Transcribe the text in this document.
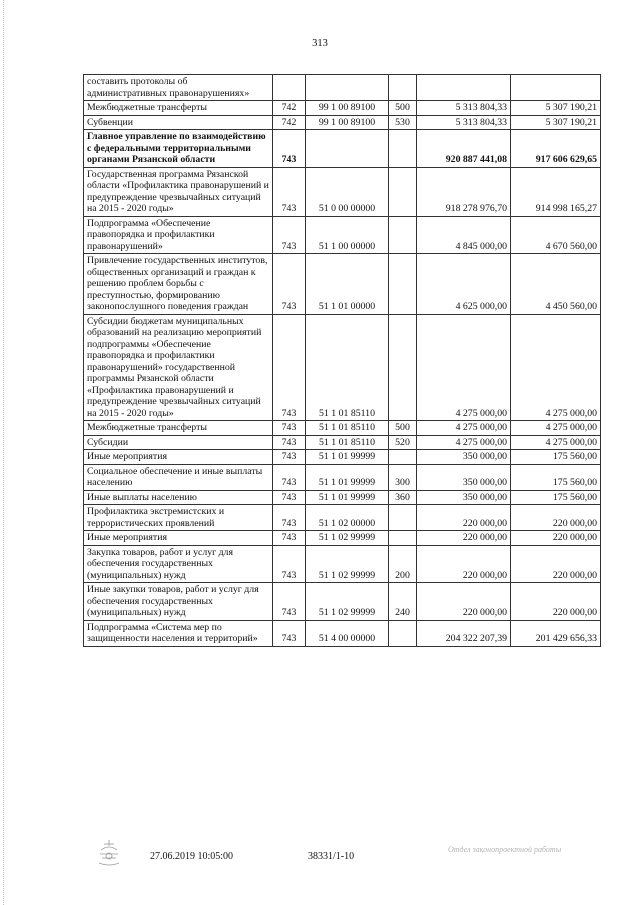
313
составить протоколы об административных правонарушениях»					
Межбюджетные трансферты	742	99 1 00 89100	500	5 313 804,33	5 307 190,21
Субвенции	742	99 1 00 89100	530	5 313 804,33	5 307 190,21
Главное управление по взаимодействию с федеральными территориальными органами Рязанской области	743			920 887 441,08	917 606 629,65
Государственная программа Рязанской области «Профилактика правонарушений и предупреждение чрезвычайных ситуаций на 2015 - 2020 годы»	743	51 0 00 00000		918 278 976,70	914 998 165,27
Подпрограмма «Обеспечение правопорядка и профилактики правонарушений»	743	51 1 00 00000		4 845 000,00	4 670 560,00
Привлечение государственных институтов, общественных организаций и граждан к решению проблем борьбы с преступностью, формированию законопослушного поведения граждан	743	51 1 01 00000		4 625 000,00	4 450 560,00
Субсидии бюджетам муниципальных образований на реализацию мероприятий подпрограммы «Обеспечение правопорядка и профилактики правонарушений» государственной программы Рязанской области «Профилактика правонарушений и предупреждение чрезвычайных ситуаций на 2015 - 2020 годы»	743	51 1 01 85110		4 275 000,00	4 275 000,00
Межбюджетные трансферты	743	51 1 01 85110	500	4 275 000,00	4 275 000,00
Субсидии	743	51 1 01 85110	520	4 275 000,00	4 275 000,00
Иные мероприятия	743	51 1 01 99999		350 000,00	175 560,00
Социальное обеспечение и иные выплаты населению	743	51 1 01 99999	300	350 000,00	175 560,00
Иные выплаты населению	743	51 1 01 99999	360	350 000,00	175 560,00
Профилактика экстремистских и террористических проявлений	743	51 1 02 00000		220 000,00	220 000,00
Иные мероприятия	743	51 1 02 99999		220 000,00	220 000,00
Закупка товаров, работ и услуг для обеспечения государственных (муниципальных) нужд	743	51 1 02 99999	200	220 000,00	220 000,00
Иные закупки товаров, работ и услуг для обеспечения государственных (муниципальных) нужд	743	51 1 02 99999	240	220 000,00	220 000,00
Подпрограмма «Система мер по защищенности населения и территорий»	743	51 4 00 00000		204 322 207,39	201 429 656,33
27.06.2019 10:05:00	38331/1-10
Отдел законопроектной работы
